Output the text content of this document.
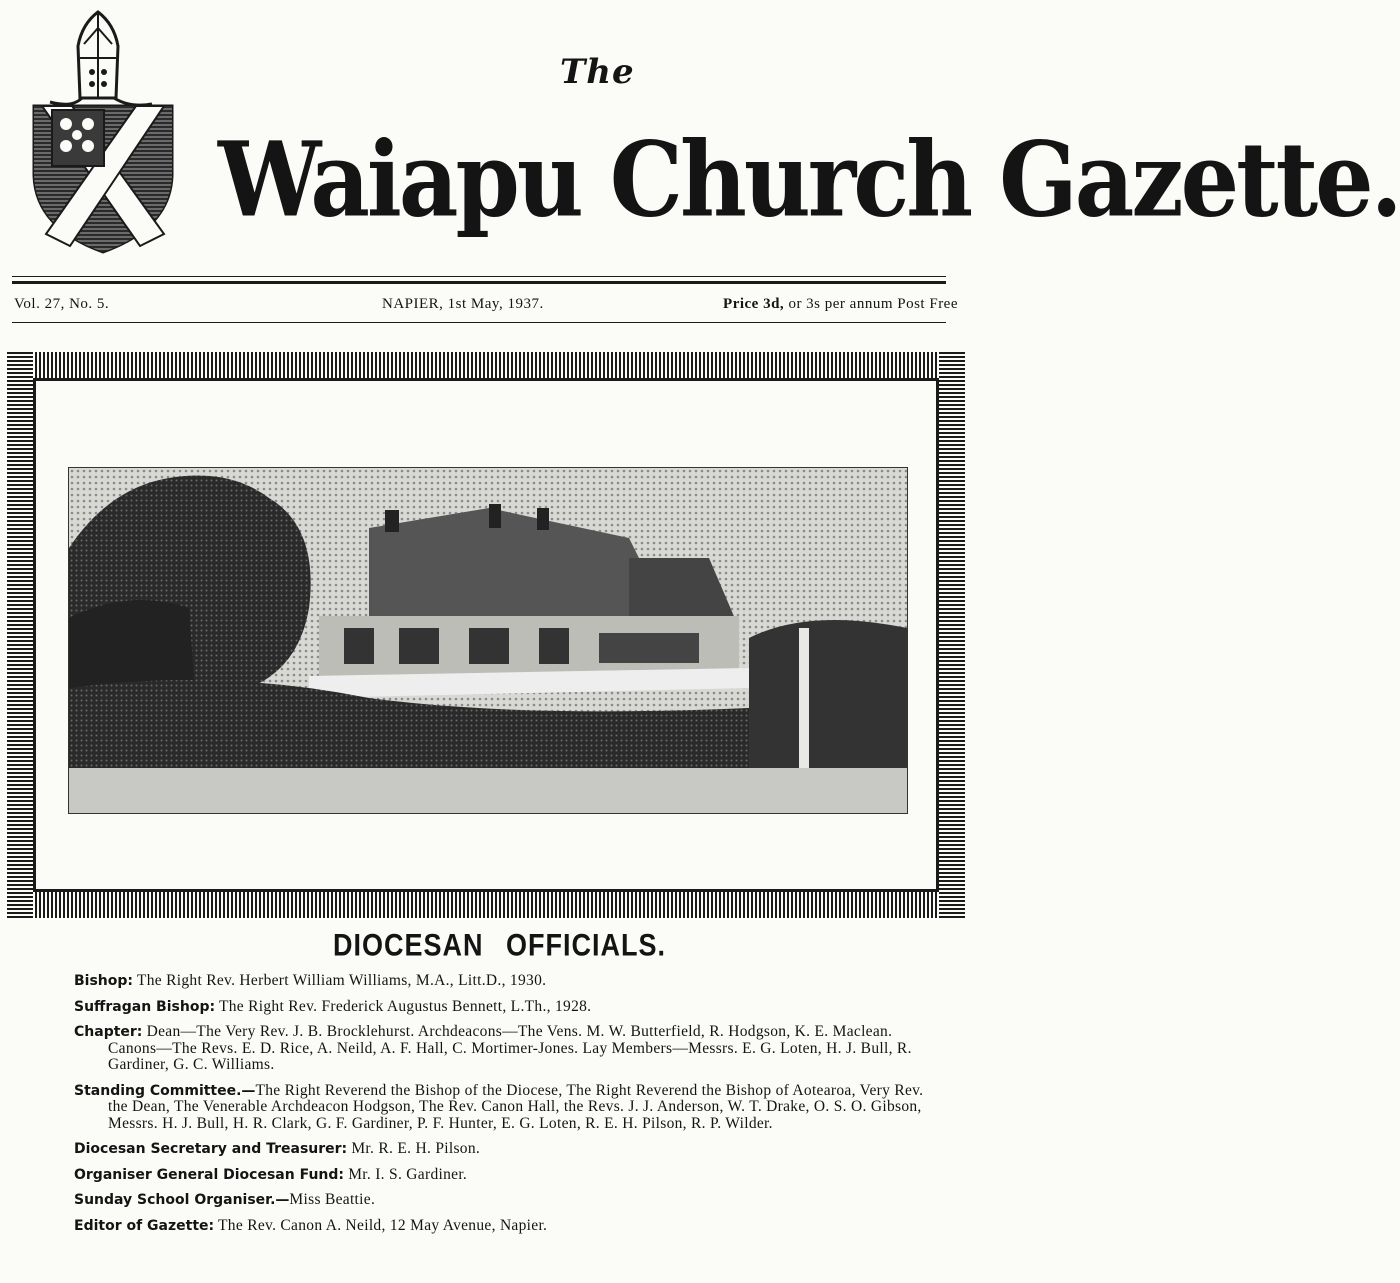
The
Waiapu Church Gazette.
Vol. 27, No. 5.	NAPIER, 1st May, 1937.	Price 3d, or 3s per annum Post Free
DIOCESAN OFFICIALS.
Bishop: The Right Rev. Herbert William Williams, M.A., Litt.D., 1930.
Suffragan Bishop: The Right Rev. Frederick Augustus Bennett, L.Th., 1928.
Chapter: Dean—The Very Rev. J. B. Brocklehurst. Archdeacons—The Vens. M. W. Butterfield, R. Hodgson, K. E. Maclean. Canons—The Revs. E. D. Rice, A. Neild, A. F. Hall, C. Mortimer-Jones. Lay Members—Messrs. E. G. Loten, H. J. Bull, R. Gardiner, G. C. Williams.
Standing Committee.—The Right Reverend the Bishop of the Diocese, The Right Reverend the Bishop of Aotearoa, Very Rev. the Dean, The Venerable Archdeacon Hodgson, The Rev. Canon Hall, the Revs. J. J. Anderson, W. T. Drake, O. S. O. Gibson, Messrs. H. J. Bull, H. R. Clark, G. F. Gardiner, P. F. Hunter, E. G. Loten, R. E. H. Pilson, R. P. Wilder.
Diocesan Secretary and Treasurer: Mr. R. E. H. Pilson.
Organiser General Diocesan Fund: Mr. I. S. Gardiner.
Sunday School Organiser.—Miss Beattie.
Editor of Gazette: The Rev. Canon A. Neild, 12 May Avenue, Napier.
